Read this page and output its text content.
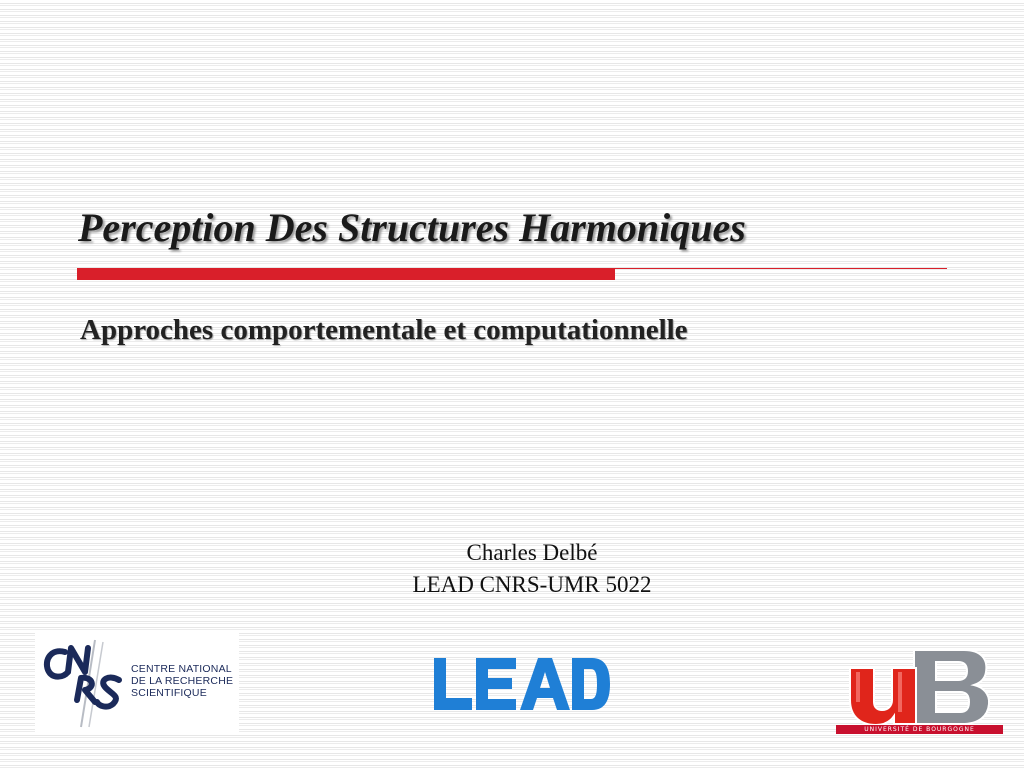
Perception Des Structures Harmoniques
Approches comportementale et computationnelle
Charles Delbé
LEAD CNRS-UMR 5022
CENTRE NATIONAL
DE LA RECHERCHE
SCIENTIFIQUE
UNIVERSITÉ DE BOURGOGNE
